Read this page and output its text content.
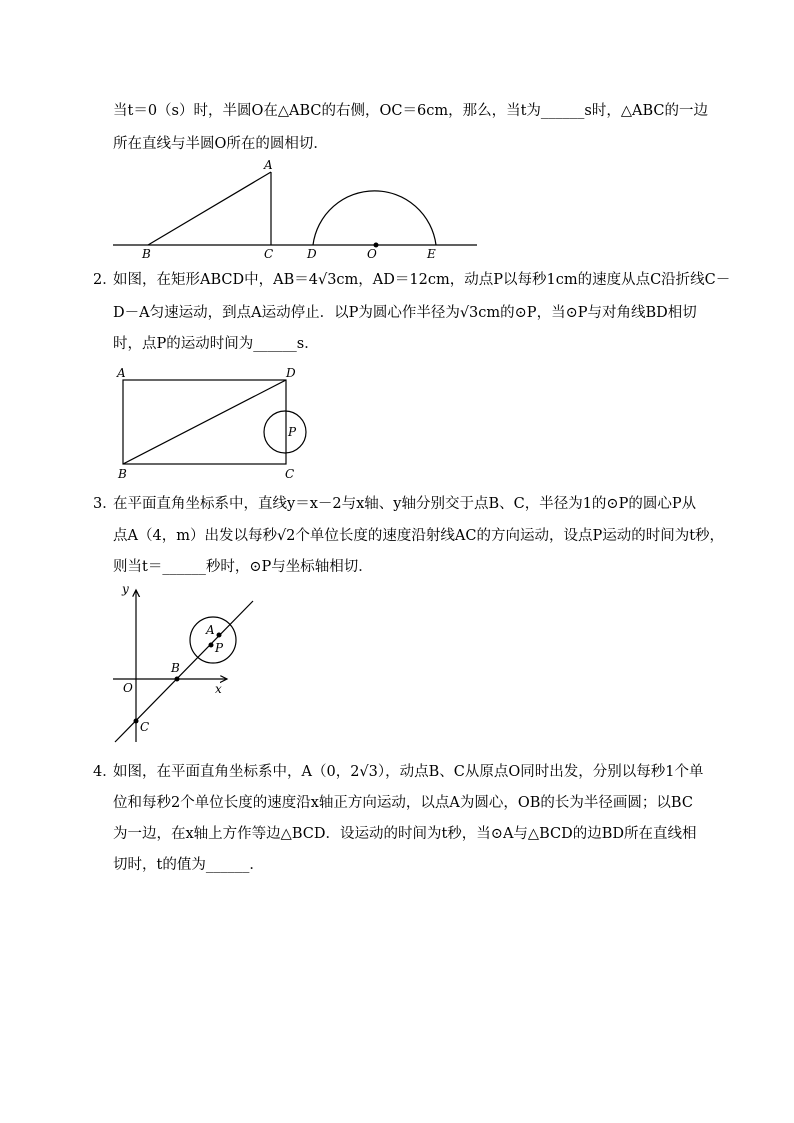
当t＝0（s）时，半圆O在△ABC的右侧，OC＝6cm，那么，当t为______s时，△ABC的一边
所在直线与半圆O所在的圆相切．
A
B	C	D	O	E
2．
如图，在矩形ABCD中，AB＝4√3cm，AD＝12cm，动点P以每秒1cm的速度从点C沿折线C－
D－A匀速运动，到点A运动停止．以P为圆心作半径为√3cm的⊙P，当⊙P与对角线BD相切
时，点P的运动时间为______s．
A	D
B	C
P
3．
在平面直角坐标系中，直线y＝x－2与x轴、y轴分别交于点B、C，半径为1的⊙P的圆心P从
点A（4，m）出发以每秒√2个单位长度的速度沿射线AC的方向运动，设点P运动的时间为t秒，
则当t＝______秒时，⊙P与坐标轴相切．
y
x
O
B
C
A
P
4．
如图，在平面直角坐标系中，A（0，2√3），动点B、C从原点O同时出发，分别以每秒1个单
位和每秒2个单位长度的速度沿x轴正方向运动，以点A为圆心，OB的长为半径画圆；以BC
为一边，在x轴上方作等边△BCD．设运动的时间为t秒，当⊙A与△BCD的边BD所在直线相
切时，t的值为______．
